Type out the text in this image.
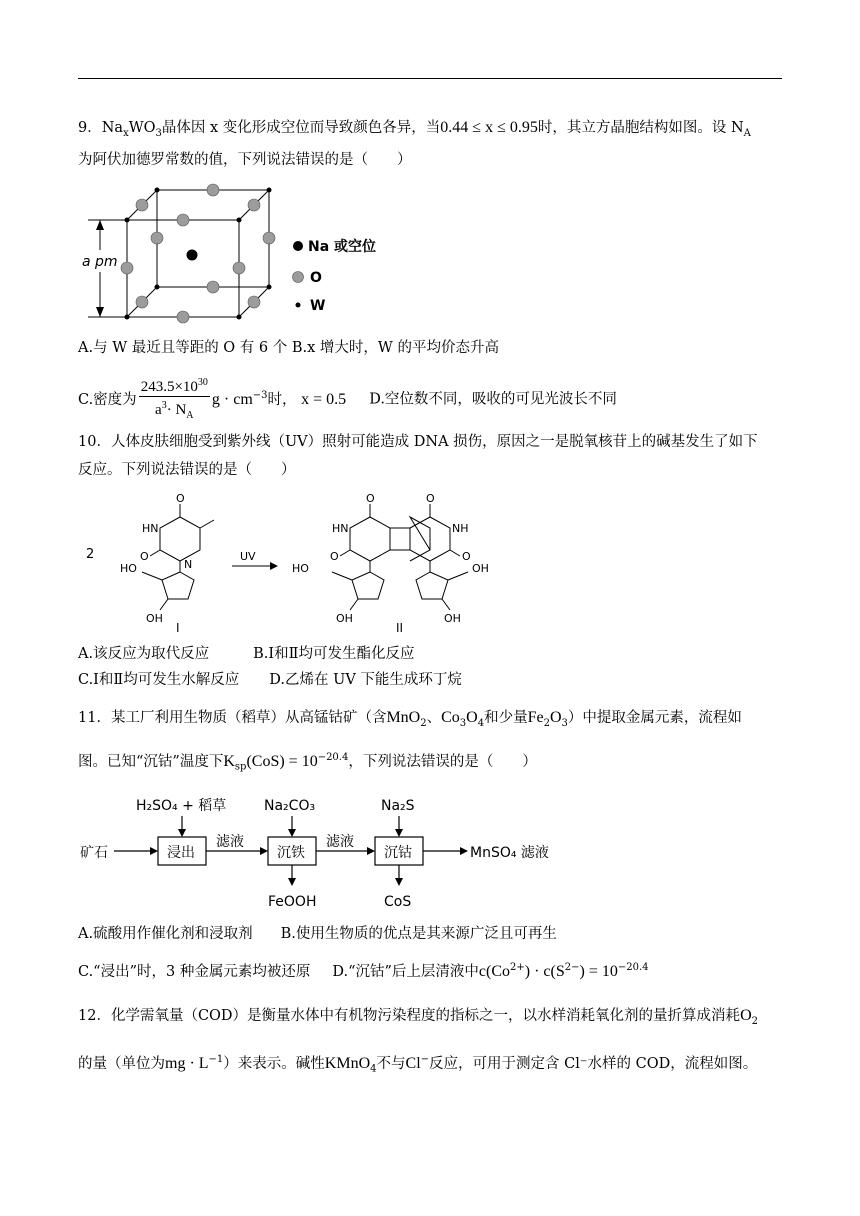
9．$Na_xWO_3$晶体因 x 变化形成空位而导致颜色各异，当0.44 ≤ x ≤ 0.95时，其立方晶胞结构如图。设 $N_A$
为阿伏加德罗常数的值，下列说法错误的是（　　）
a pm
Na 或空位
O
W
A.与 W 最近且等距的 O 有 6 个 B.x 增大时，W 的平均价态升高
C.密度为 $\frac{243.5\times 10^{30}}{a^3\cdot N_A}$ $g \cdot cm^{-3}$时， x = 0.5 D.空位数不同，吸收的可见光波长不同
10．人体皮肤细胞受到紫外线（UV）照射可能造成 DNA 损伤，原因之一是脱氧核苷上的碱基发生了如下
反应。下列说法错误的是（　　）
2
O
HN
O
N
HO
OH
I
UV
O
HN
O
O
NH
O
HO	OH
OH	OH
II
A.该反应为取代反应	B.Ⅰ和Ⅱ均可发生酯化反应
C.Ⅰ和Ⅱ均可发生水解反应 D.乙烯在 UV 下能生成环丁烷
11．某工厂利用生物质（稻草）从高锰钴矿（含MnO$_2$、$Co_3O_4$和少量$Fe_2O_3$）中提取金属元素，流程如
图。已知“沉钴”温度下$K_{sp}(CoS) = 10^{-20.4}$，下列说法错误的是（　　）
矿石
H₂SO₄ + 稻草
浸出
滤液
Na₂CO₃
沉铁
FeOOH
滤液
Na₂S
沉钴
CoS
MnSO₄ 滤液
A.硫酸用作催化剂和浸取剂 B.使用生物质的优点是其来源广泛且可再生
C.“浸出”时，3 种金属元素均被还原 D.“沉钴”后上层清液中$c(Co^{2+}) \cdot c(S^{2-}) = 10^{-20.4}$
12．化学需氧量（COD）是衡量水体中有机物污染程度的指标之一，以水样消耗氧化剂的量折算成消耗$O_2$
的量（单位为mg · $L^{-1}$）来表示。碱性KMnO$_4$不与Cl−反应，可用于测定含 Cl⁻水样的 COD，流程如图。
